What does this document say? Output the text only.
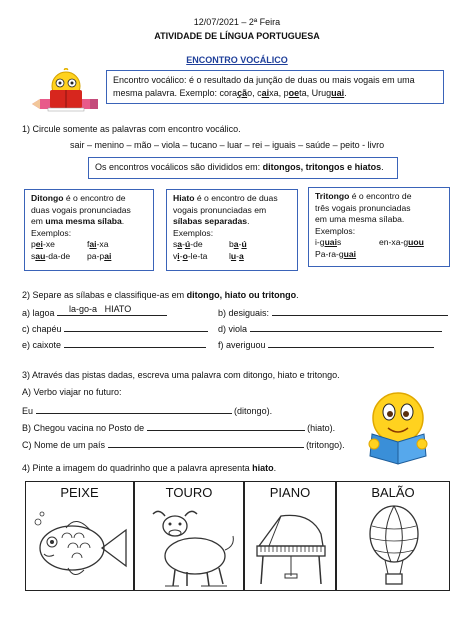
12/07/2021 – 2ª Feira
ATIVIDADE DE LÍNGUA PORTUGUESA
ENCONTRO VOCÁLICO
Encontro vocálico: é o resultado da junção de duas ou mais vogais em uma mesma palavra. Exemplo: coração, caixa, poeta, Uruguai.
1) Circule somente as palavras com encontro vocálico.
sair – menino – mão – viola – tucano – luar – rei – iguais – saúde – peito - livro
Os encontros vocálicos são divididos em: ditongos, tritongos e hiatos.
Ditongo é o encontro de
duas vogais pronunciadas
em uma mesma sílaba.
Exemplos:
pei-xe	fai-xa
sau-da-de	pa-pai
Hiato é o encontro de duas
vogais pronunciadas em
sílabas separadas.
Exemplos:
sa-ú-de	ba-ú
vi-o-le-ta	lu-a
Tritongo é o encontro de
três vogais pronunciadas
em uma mesma sílaba.
Exemplos:
i-guais	en-xa-guou
Pa-ra-guai
2) Separe as sílabas e classifique-as em ditongo, hiato ou tritongo.
a) lagoa la-go-a   HIATO	b) desiguais:
c) chapéu	d) viola
e) caixote	f) averiguou
3) Através das pistas dadas, escreva uma palavra com ditongo, hiato e tritongo.
A) Verbo viajar no futuro:
Eu	(ditongo).
B) Chegou vacina no Posto de	(hiato).
C) Nome de um país	(tritongo).
4) Pinte a imagem do quadrinho que a palavra apresenta hiato.
PEIXE	TOURO	PIANO	BALÃO
